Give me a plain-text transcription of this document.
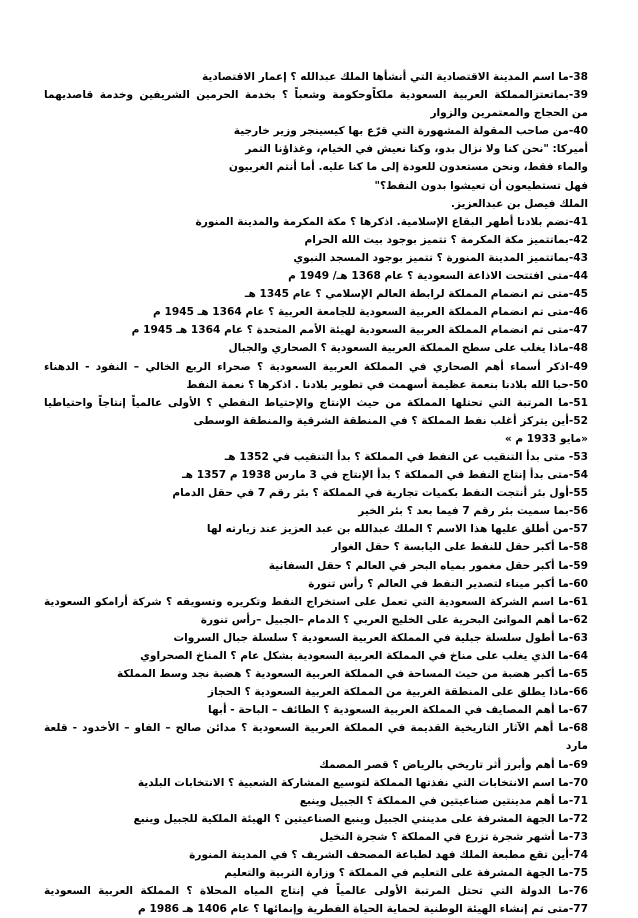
38-ما اسم المدينة الاقتصادية التي أنشأها الملك عبدالله ؟ إعمار الاقتصادية
39-بماتعتزالمملكة العربية السعودية ملكاًوحكومة وشعباً ؟ بخدمة الحرمين الشريفين وخدمة قاصديهما
من الحجاج والمعتمرين والزوار
40-من صاحب المقولة المشهورة التي قرّع بها كيسينجر وزير خارجية
أميركا: "نحن كنا ولا نزال بدو، وكنا نعيش في الخيام، وغذاؤنا التمر
والماء فقط، ونحن مستعدون للعودة إلى ما كنا عليه. أما أنتم الغربيون
فهل تستطيعون أن تعيشوا بدون النفط؟"
الملك فيصل بن عبدالعزيز.
41-تضم بلادنا أطهر البقاع الإسلامية. اذكرها ؟ مكة المكرمة والمدينة المنورة
42-بماتتميز مكة المكرمة ؟ تتميز بوجود بيت الله الحرام
43-بماتتميز المدينة المنورة ؟ تتميز بوجود المسجد النبوي
44-متى افتتحت الاذاعة السعودية ؟ عام 1368 هـ/ 1949 م
45-متى تم انضمام المملكة لرابطة العالم الإسلامي ؟ عام 1345 هـ
46-متى تم انضمام المملكة العربية السعودية للجامعة العربية ؟ عام 1364 هـ 1945 م
47-متى تم انضمام المملكة العربية السعودية لهيئة الأمم المتحدة ؟ عام 1364 هـ 1945 م
48-ماذا يغلب على سطح المملكة العربية السعودية ؟ الصحاري والجبال
49-اذكر أسماء أهم الصحاري في المملكة العربية السعودية ؟ صحراء الربع الخالي – النفود - الدهناء
50-حبا الله بلادنا بنعمة عظيمة أسهمت في تطوير بلادنا . اذكرها ؟ نعمة النفط
51-ما المرتبة التي تحتلها المملكة من حيث الإنتاج والإحتياط النفطي ؟ الأولى عالمياً إنتاجاً واحتياطيا
52-أين يتركز أغلب نفط المملكة ؟ في المنطقة الشرقية والمنطقة الوسطى
«مايو 1933 م »
53- متى بدأ التنقيب عن النفط في المملكة ؟ بدأ التنقيب في 1352 هـ
54-متى بدأ إنتاج النفط في المملكة ؟ بدأ الإنتاج في 3 مارس 1938 م 1357 هـ
55-أول بئر أنتجت النفط بكميات تجارية في المملكة ؟ بئر رقم 7 في حقل الدمام
56-بما سميت بئر رقم 7 فيما بعد ؟ بئر الخير
57-من أطلق عليها هذا الاسم ؟ الملك عبدالله بن عبد العزيز عند زيارته لها
58-ما أكبر حقل للنفط على اليابسة ؟ حقل الغوار
59-ما أكبر حقل مغمور بمياه البحر في العالم ؟ حقل السفانية
60-ما أكبر ميناء لتصدير النفط في العالم ؟ رأس تنورة
61-ما اسم الشركة السعودية التي تعمل على استخراج النفط وتكريره وتسويقه ؟ شركة أرامكو السعودية
62-ما أهم الموانئ البحرية على الخليج العربي ؟ الدمام –الجبيل –رأس تنورة
63-ما أطول سلسلة جبلية في المملكة العربية السعودية ؟ سلسلة جبال السروات
64-ما الذي يغلب على مناخ في المملكة العربية السعودية بشكل عام ؟ المناخ الصحراوي
65-ما أكبر هضبة من حيث المساحة في المملكة العربية السعودية ؟ هضبة نجد وسط المملكة
66-ماذا يطلق على المنطقة الغربية من المملكة العربية السعودية ؟ الحجاز
67-ما أهم المصايف في المملكة العربية السعودية ؟ الطائف – الباحة - أبها
68-ما أهم الآثار التاريخية القديمة في المملكة العربية السعودية ؟ مدائن صالح – الفاو – الأخدود - قلعة
مارد
69-ما أهم وأبرز أثر تاريخي بالرياض ؟ قصر المصمك
70-ما اسم الانتخابات التي نفذتها المملكة لتوسيع المشاركة الشعبية ؟ الانتخابات البلدية
71-ما أهم مدينتين صناعيتين في المملكة ؟ الجبيل وينبع
72-ما الجهة المشرفة على مدينتي الجبيل وينبع الصناعيتين ؟ الهيئة الملكية للجبيل وينبع
73-ما أشهر شجرة تزرع في المملكة ؟ شجرة النخيل
74-أين تقع مطبعة الملك فهد لطباعة المصحف الشريف ؟ في المدينة المنورة
75-ما الجهة المشرفة على التعليم في المملكة ؟ وزارة التربية والتعليم
76-ما الدولة التي تحتل المرتبة الأولى عالمياً في إنتاج المياه المحلاة ؟ المملكة العربية السعودية
77-متى تم إنشاء الهيئة الوطنية لحماية الحياة الفطرية وإنمائها ؟ عام 1406 هـ 1986 م
